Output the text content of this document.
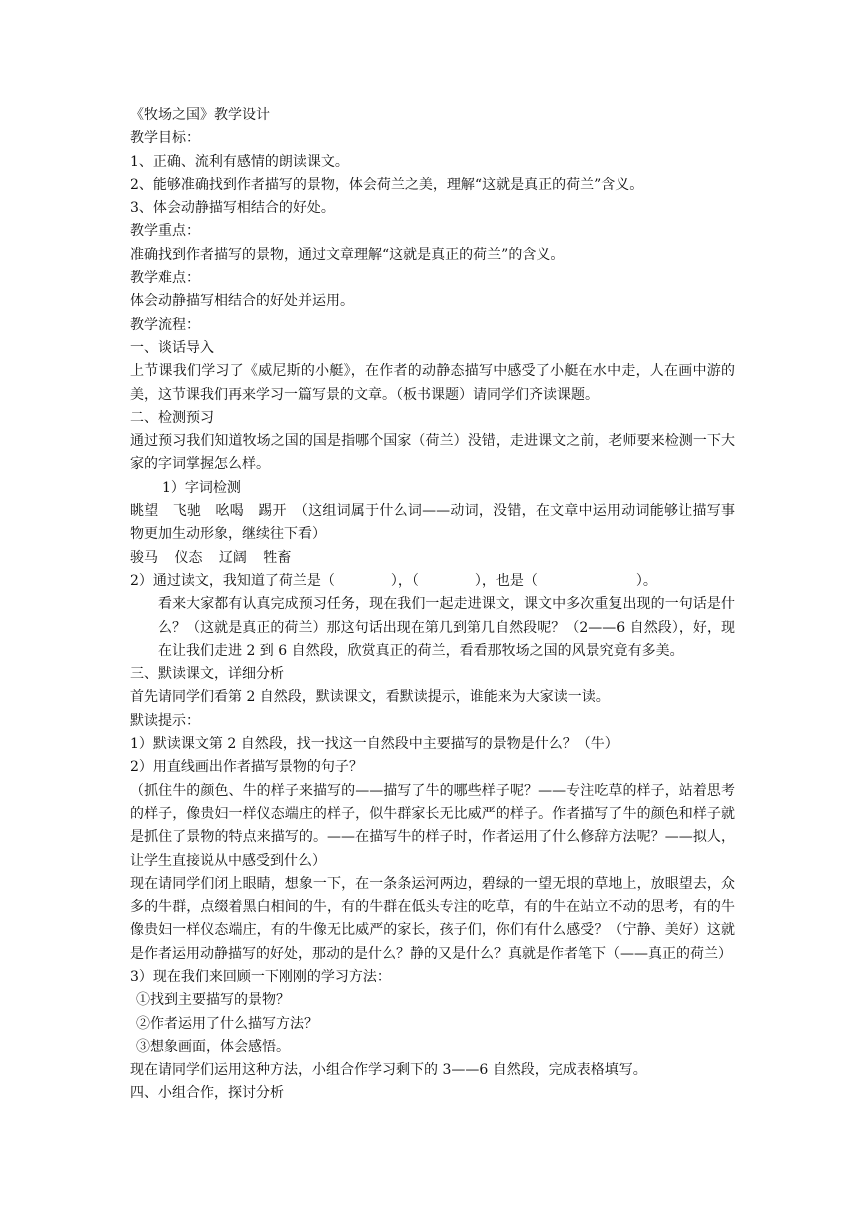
《牧场之国》教学设计
教学目标：
1、正确、流利有感情的朗读课文。
2、能够准确找到作者描写的景物，体会荷兰之美，理解“这就是真正的荷兰”含义。
3、体会动静描写相结合的好处。
教学重点：
准确找到作者描写的景物，通过文章理解“这就是真正的荷兰”的含义。
教学难点：
体会动静描写相结合的好处并运用。
教学流程：
一、谈话导入
上节课我们学习了《威尼斯的小艇》，在作者的动静态描写中感受了小艇在水中走，人在画中游的美，这节课我们再来学习一篇写景的文章。（板书课题）请同学们齐读课题。
二、检测预习
通过预习我们知道牧场之国的国是指哪个国家（荷兰）没错，走进课文之前，老师要来检测一下大家的字词掌握怎么样。
1）字词检测
眺望　飞驰　吆喝　踢开　（这组词属于什么词——动词，没错，在文章中运用动词能够让描写事物更加生动形象，继续往下看）
骏马 仪态 辽阔 牲畜
2）通过读文，我知道了荷兰是（　　　　），（　　　　），也是（　　　　　　　）。
看来大家都有认真完成预习任务，现在我们一起走进课文，课文中多次重复出现的一句话是什么？（这就是真正的荷兰）那这句话出现在第几到第几自然段呢？（2——6 自然段），好，现在让我们走进 2 到 6 自然段，欣赏真正的荷兰，看看那牧场之国的风景究竟有多美。
三、默读课文，详细分析
首先请同学们看第 2 自然段，默读课文，看默读提示，谁能来为大家读一读。
默读提示：
1）默读课文第 2 自然段，找一找这一自然段中主要描写的景物是什么？（牛）
2）用直线画出作者描写景物的句子？
（抓住牛的颜色、牛的样子来描写的——描写了牛的哪些样子呢？——专注吃草的样子，站着思考的样子，像贵妇一样仪态端庄的样子，似牛群家长无比威严的样子。作者描写了牛的颜色和样子就是抓住了景物的特点来描写的。——在描写牛的样子时，作者运用了什么修辞方法呢？——拟人，让学生直接说从中感受到什么）
现在请同学们闭上眼睛，想象一下，在一条条运河两边，碧绿的一望无垠的草地上，放眼望去，众多的牛群，点缀着黑白相间的牛，有的牛群在低头专注的吃草，有的牛在站立不动的思考，有的牛像贵妇一样仪态端庄，有的牛像无比威严的家长，孩子们，你们有什么感受？（宁静、美好）这就是作者运用动静描写的好处，那动的是什么？静的又是什么？真就是作者笔下（——真正的荷兰）
3）现在我们来回顾一下刚刚的学习方法：
①找到主要描写的景物？
②作者运用了什么描写方法？
③想象画面，体会感悟。
现在请同学们运用这种方法，小组合作学习剩下的 3——6 自然段，完成表格填写。
四、小组合作，探讨分析
